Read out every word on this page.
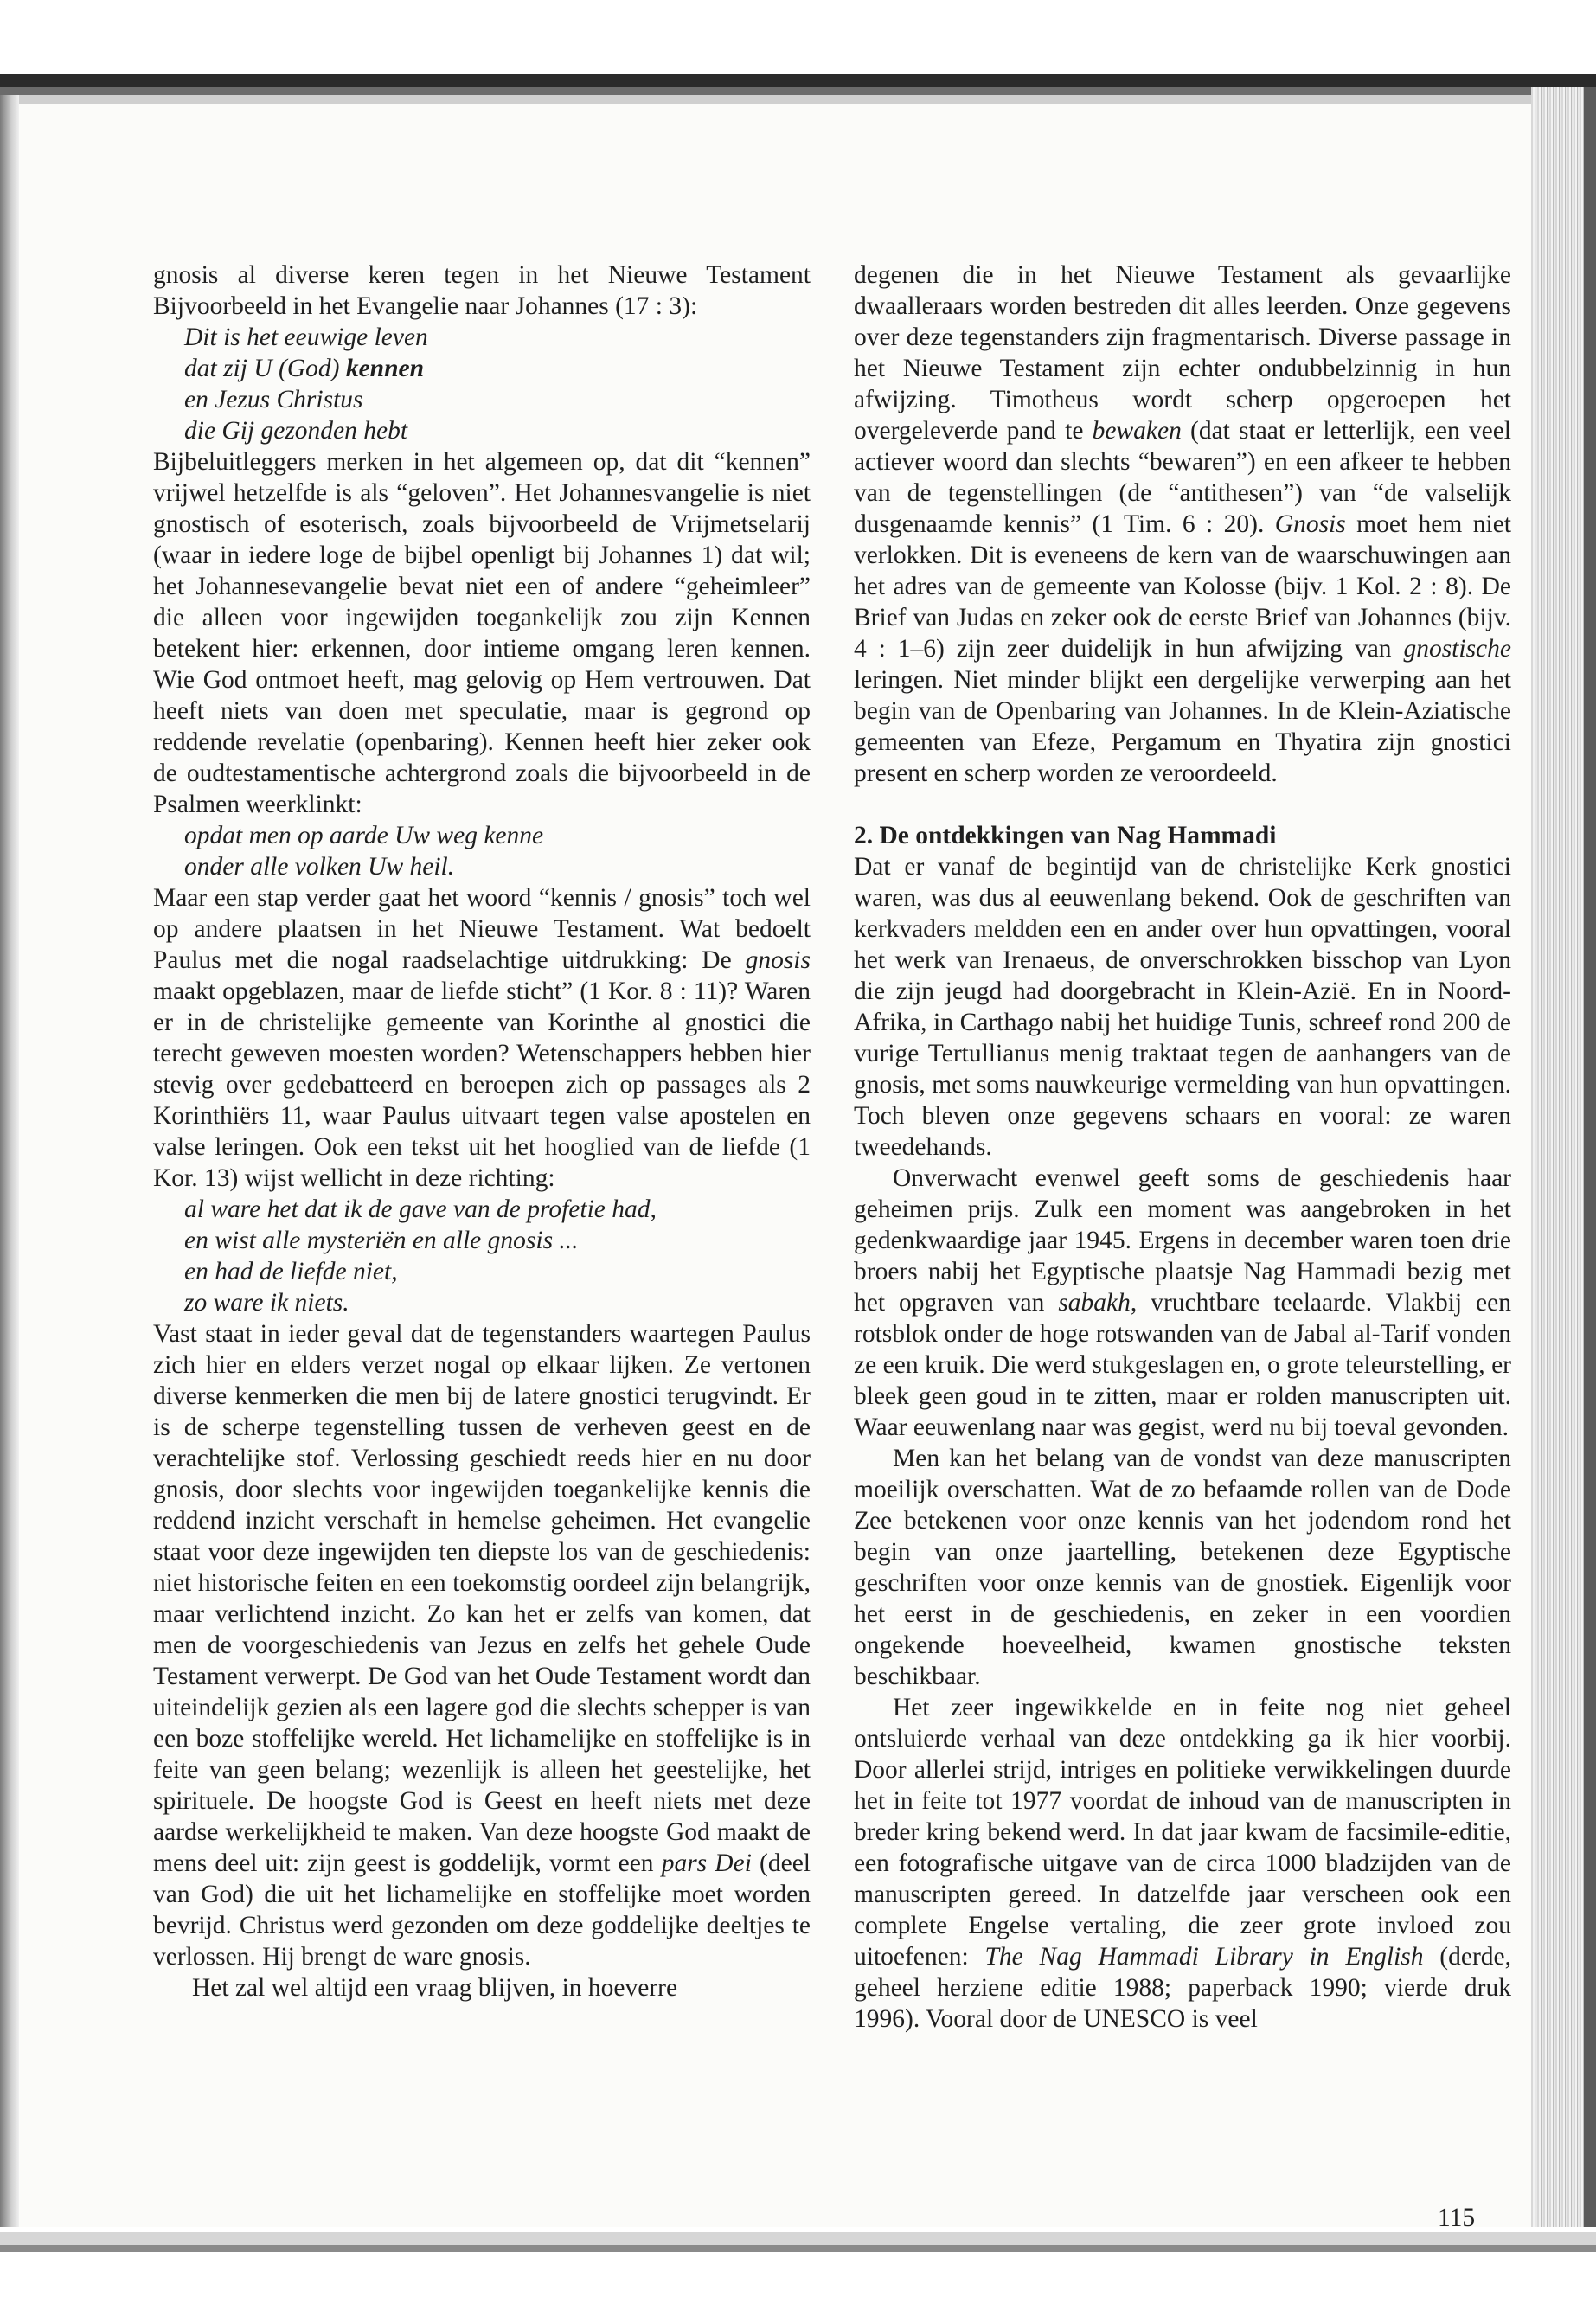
gnosis al diverse keren tegen in het Nieuwe Testament Bijvoorbeeld in het Evangelie naar Johannes (17 : 3):

Dit is het eeuwige leven
dat zij U (God) kennen
en Jezus Christus
die Gij gezonden hebt

Bijbeluitleggers merken in het algemeen op, dat dit “kennen” vrijwel hetzelfde is als “geloven”. Het Johannesvangelie is niet gnostisch of esoterisch, zoals bijvoorbeeld de Vrijmetselarij (waar in iedere loge de bijbel openligt bij Johannes 1) dat wil; het Johannesevangelie bevat niet een of andere “geheimleer” die alleen voor ingewijden toegankelijk zou zijn Kennen betekent hier: erkennen, door intieme omgang leren kennen. Wie God ontmoet heeft, mag gelovig op Hem vertrouwen. Dat heeft niets van doen met speculatie, maar is gegrond op reddende revelatie (openbaring). Kennen heeft hier zeker ook de oudtestamentische achtergrond zoals die bijvoorbeeld in de Psalmen weerklinkt:

opdat men op aarde Uw weg kenne
onder alle volken Uw heil.

Maar een stap verder gaat het woord “kennis / gnosis” toch wel op andere plaatsen in het Nieuwe Testament. Wat bedoelt Paulus met die nogal raadselachtige uitdrukking: De gnosis maakt opgeblazen, maar de liefde sticht” (1 Kor. 8 : 11)? Waren er in de christelijke gemeente van Korinthe al gnostici die terecht geweven moesten worden? Wetenschappers hebben hier stevig over gedebatteerd en beroepen zich op passages als 2 Korinthiërs 11, waar Paulus uitvaart tegen valse apostelen en valse leringen. Ook een tekst uit het hooglied van de liefde (1 Kor. 13) wijst wellicht in deze richting:

al ware het dat ik de gave van de profetie had,
en wist alle mysteriën en alle gnosis ...
en had de liefde niet,
zo ware ik niets.

Vast staat in ieder geval dat de tegenstanders waartegen Paulus zich hier en elders verzet nogal op elkaar lijken. Ze vertonen diverse kenmerken die men bij de latere gnostici terugvindt. Er is de scherpe tegenstelling tussen de verheven geest en de verachtelijke stof. Verlossing geschiedt reeds hier en nu door gnosis, door slechts voor ingewijden toegankelijke kennis die reddend inzicht verschaft in hemelse geheimen. Het evangelie staat voor deze ingewijden ten diepste los van de geschiedenis: niet historische feiten en een toekomstig oordeel zijn belangrijk, maar verlichtend inzicht. Zo kan het er zelfs van komen, dat men de voorgeschiedenis van Jezus en zelfs het gehele Oude Testament verwerpt. De God van het Oude Testament wordt dan uiteindelijk gezien als een lagere god die slechts schepper is van een boze stoffelijke wereld. Het lichamelijke en stoffelijke is in feite van geen belang; wezenlijk is alleen het geestelijke, het spirituele. De hoogste God is Geest en heeft niets met deze aardse werkelijkheid te maken. Van deze hoogste God maakt de mens deel uit: zijn geest is goddelijk, vormt een pars Dei (deel van God) die uit het lichamelijke en stoffelijke moet worden bevrijd. Christus werd gezonden om deze goddelijke deeltjes te verlossen. Hij brengt de ware gnosis.

Het zal wel altijd een vraag blijven, in hoeverre

degenen die in het Nieuwe Testament als gevaarlijke dwaalleraars worden bestreden dit alles leerden. Onze gegevens over deze tegenstanders zijn fragmentarisch. Diverse passage in het Nieuwe Testament zijn echter ondubbelzinnig in hun afwijzing. Timotheus wordt scherp opgeroepen het overgeleverde pand te bewaken (dat staat er letterlijk, een veel actiever woord dan slechts “bewaren”) en een afkeer te hebben van de tegenstellingen (de “antithesen”) van “de valselijk dusgenaamde kennis” (1 Tim. 6 : 20). Gnosis moet hem niet verlokken. Dit is eveneens de kern van de waarschuwingen aan het adres van de gemeente van Kolosse (bijv. 1 Kol. 2 : 8). De Brief van Judas en zeker ook de eerste Brief van Johannes (bijv. 4 : 1–6) zijn zeer duidelijk in hun afwijzing van gnostische leringen. Niet minder blijkt een dergelijke verwerping aan het begin van de Openbaring van Johannes. In de Klein-Aziatische gemeenten van Efeze, Pergamum en Thyatira zijn gnostici present en scherp worden ze veroordeeld.

2. De ontdekkingen van Nag Hammadi

Dat er vanaf de begintijd van de christelijke Kerk gnostici waren, was dus al eeuwenlang bekend. Ook de geschriften van kerkvaders meldden een en ander over hun opvattingen, vooral het werk van Irenaeus, de onverschrokken bisschop van Lyon die zijn jeugd had doorgebracht in Klein-Azië. En in Noord-Afrika, in Carthago nabij het huidige Tunis, schreef rond 200 de vurige Tertullianus menig traktaat tegen de aanhangers van de gnosis, met soms nauwkeurige vermelding van hun opvattingen. Toch bleven onze gegevens schaars en vooral: ze waren tweedehands.

Onverwacht evenwel geeft soms de geschiedenis haar geheimen prijs. Zulk een moment was aangebroken in het gedenkwaardige jaar 1945. Ergens in december waren toen drie broers nabij het Egyptische plaatsje Nag Hammadi bezig met het opgraven van sabakh, vruchtbare teelaarde. Vlakbij een rotsblok onder de hoge rotswanden van de Jabal al-Tarif vonden ze een kruik. Die werd stukgeslagen en, o grote teleurstelling, er bleek geen goud in te zitten, maar er rolden manuscripten uit. Waar eeuwenlang naar was gegist, werd nu bij toeval gevonden.

Men kan het belang van de vondst van deze manuscripten moeilijk overschatten. Wat de zo befaamde rollen van de Dode Zee betekenen voor onze kennis van het jodendom rond het begin van onze jaartelling, betekenen deze Egyptische geschriften voor onze kennis van de gnostiek. Eigenlijk voor het eerst in de geschiedenis, en zeker in een voordien ongekende hoeveelheid, kwamen gnostische teksten beschikbaar.

Het zeer ingewikkelde en in feite nog niet geheel ontsluierde verhaal van deze ontdekking ga ik hier voorbij. Door allerlei strijd, intriges en politieke verwikkelingen duurde het in feite tot 1977 voordat de inhoud van de manuscripten in breder kring bekend werd. In dat jaar kwam de facsimile-editie, een fotografische uitgave van de circa 1000 bladzijden van de manuscripten gereed. In datzelfde jaar verscheen ook een complete Engelse vertaling, die zeer grote invloed zou uitoefenen: The Nag Hammadi Library in English (derde, geheel herziene editie 1988; paperback 1990; vierde druk 1996). Vooral door de UNESCO is veel

115
